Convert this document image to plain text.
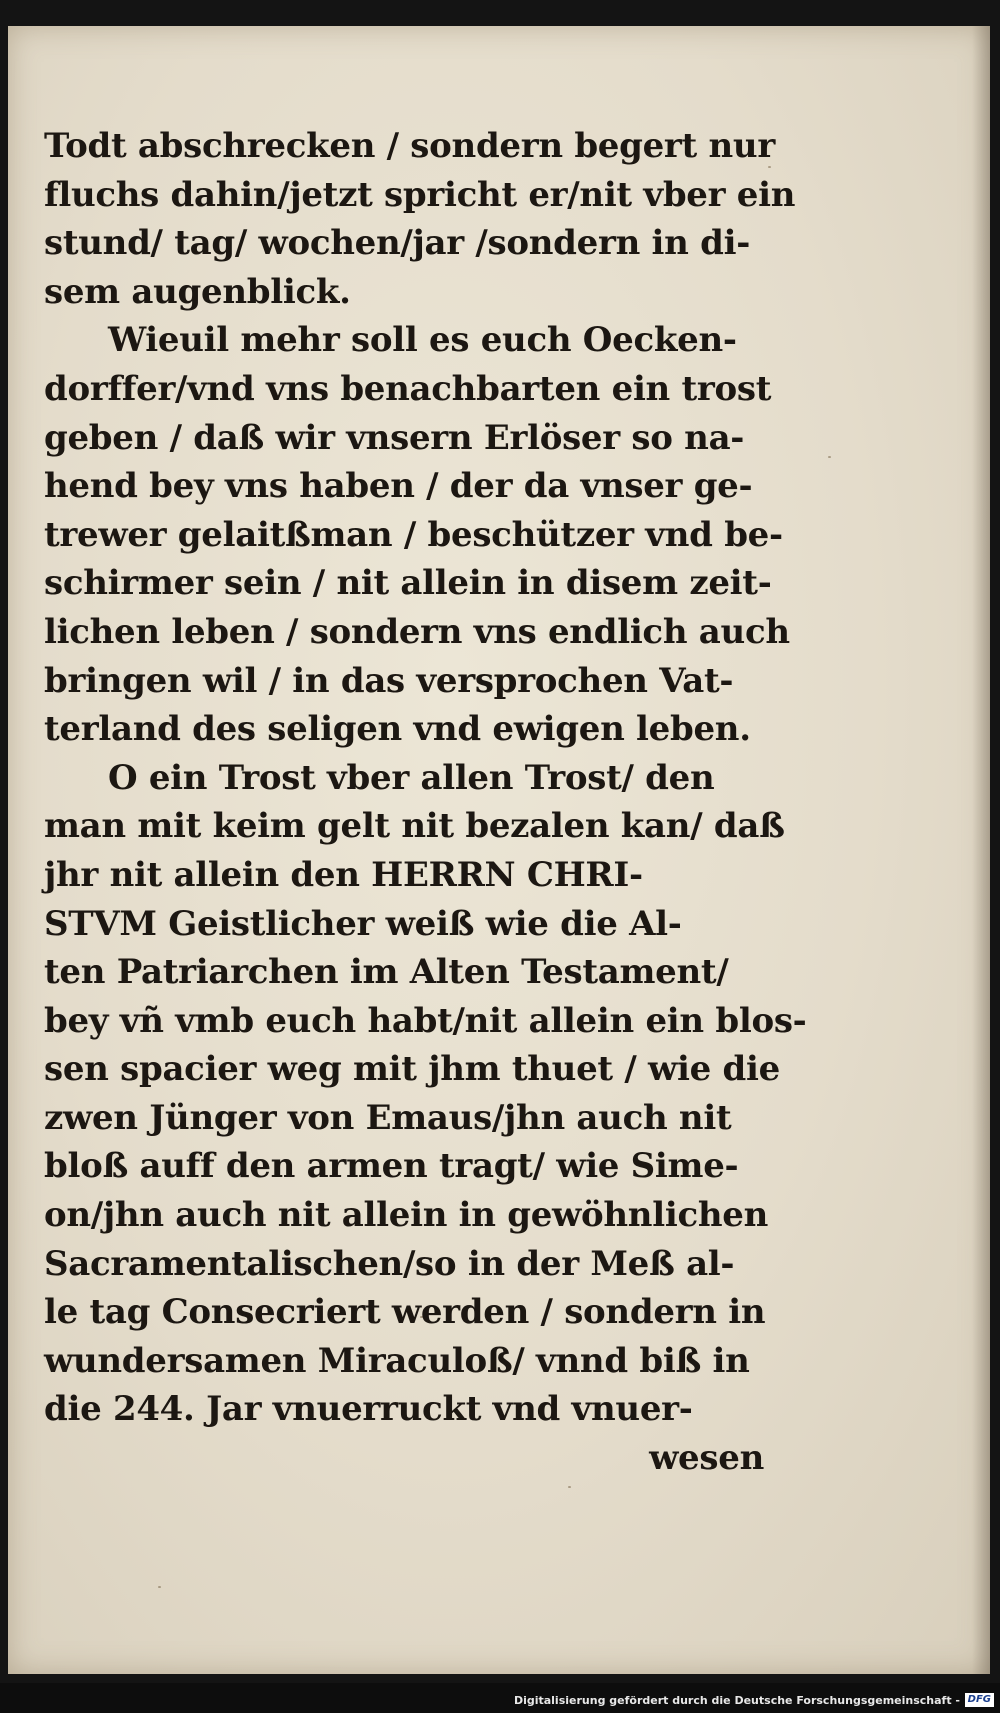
Todt abschrecken / sondern begert nur
fluchs dahin/jetzt spricht er/nit vber ein
stund/ tag/ wochen/jar /sondern in di-
sem augenblick.
Wieuil mehr soll es euch Oecken-
dorffer/vnd vns benachbarten ein trost
geben / daß wir vnsern Erlöser so na-
hend bey vns haben / der da vnser ge-
trewer gelaitßman / beschützer vnd be-
schirmer sein / nit allein in disem zeit-
lichen leben / sondern vns endlich auch
bringen wil / in das versprochen Vat-
terland des seligen vnd ewigen leben.
O ein Trost vber allen Trost/ den
man mit keim gelt nit bezalen kan/ daß
jhr nit allein den HERRN CHRI-
STVM Geistlicher weiß wie die Al-
ten Patriarchen im Alten Testament/
bey vñ vmb euch habt/nit allein ein blos-
sen spacier weg mit jhm thuet / wie die
zwen Jünger von Emaus/jhn auch nit
bloß auff den armen tragt/ wie Sime-
on/jhn auch nit allein in gewöhnlichen
Sacramentalischen/so in der Meß al-
le tag Consecriert werden / sondern in
wundersamen Miraculoß/ vnnd biß in
die 244. Jar vnuerruckt vnd vnuer-
wesen
Digitalisierung gefördert durch die Deutsche Forschungsgemeinschaft - DFG
